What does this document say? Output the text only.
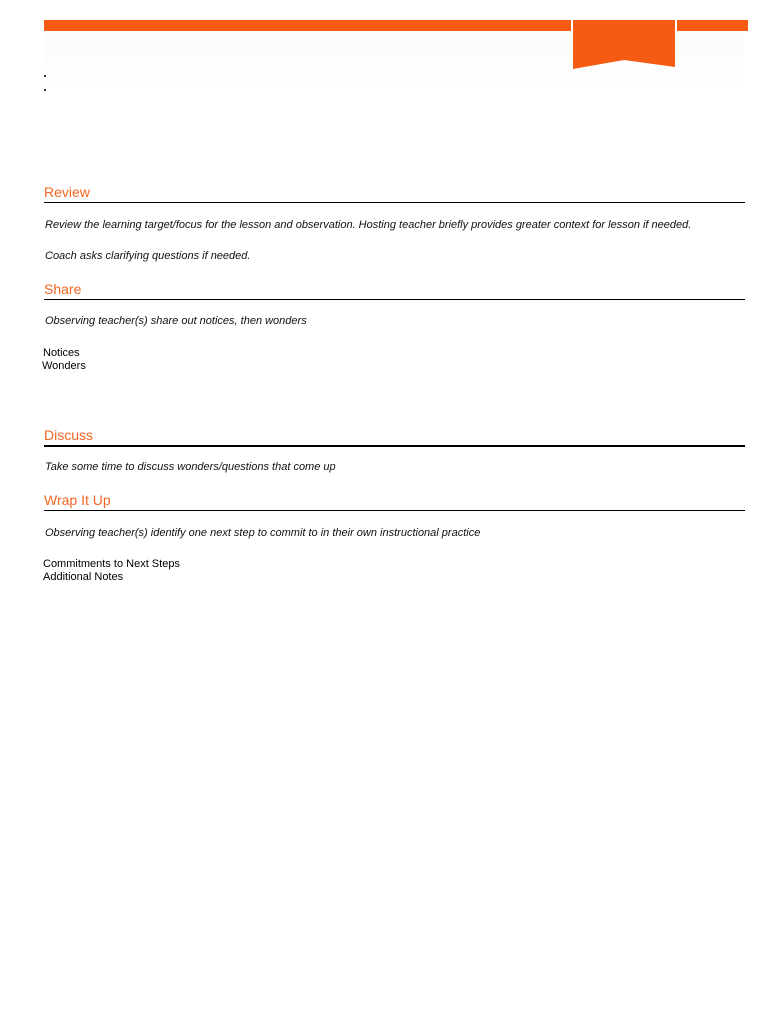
Review
Review the learning target/focus for the lesson and observation. Hosting teacher briefly provides greater context for lesson if needed.
Coach asks clarifying questions if needed.
Share
Observing teacher(s) share out notices, then wonders
Notices
Wonders
Discuss
Take some time to discuss wonders/questions that come up
Wrap It Up
Observing teacher(s) identify one next step to commit to in their own instructional practice
Commitments to Next Steps
Additional Notes
